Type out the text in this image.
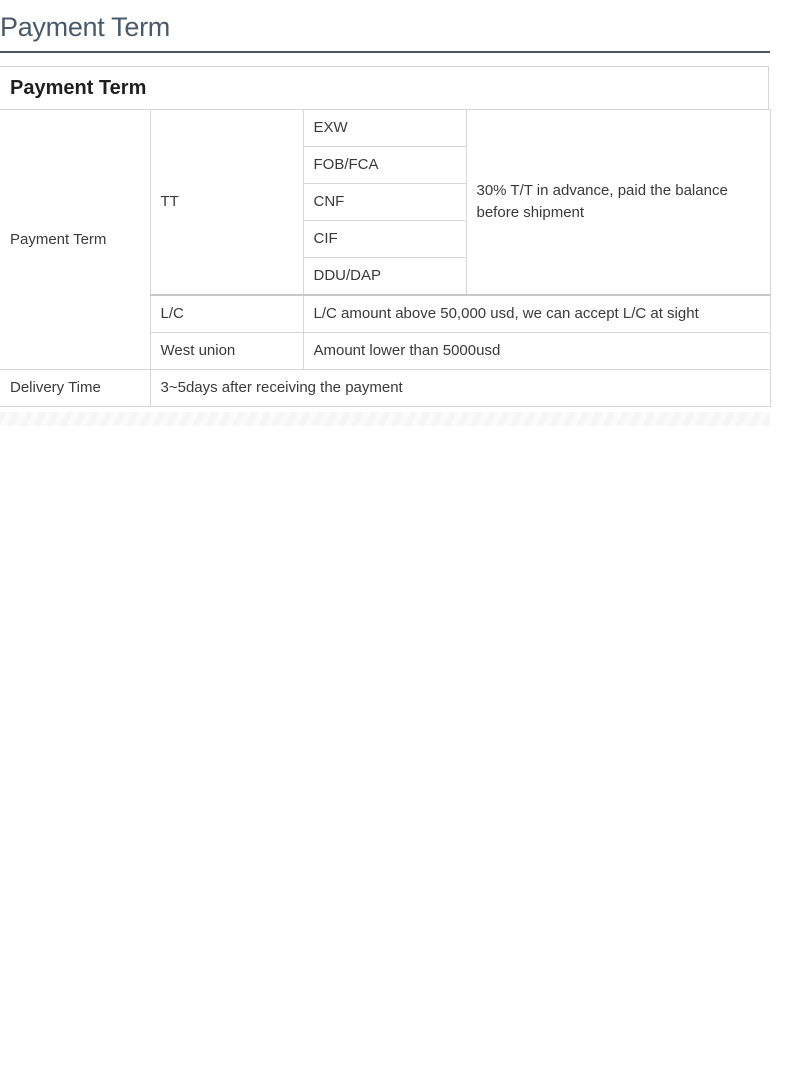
Payment Term
Payment Term
Payment Term	TT	EXW	30% T/T in advance, paid the balance before shipment
		FOB/FCA	
		CNF	
		CIF	
		DDU/DAP	
	L/C	L/C amount above 50,000 usd, we can accept L/C at sight	
	West union	Amount lower than 5000usd	
Delivery Time	3~5days after receiving the payment		
